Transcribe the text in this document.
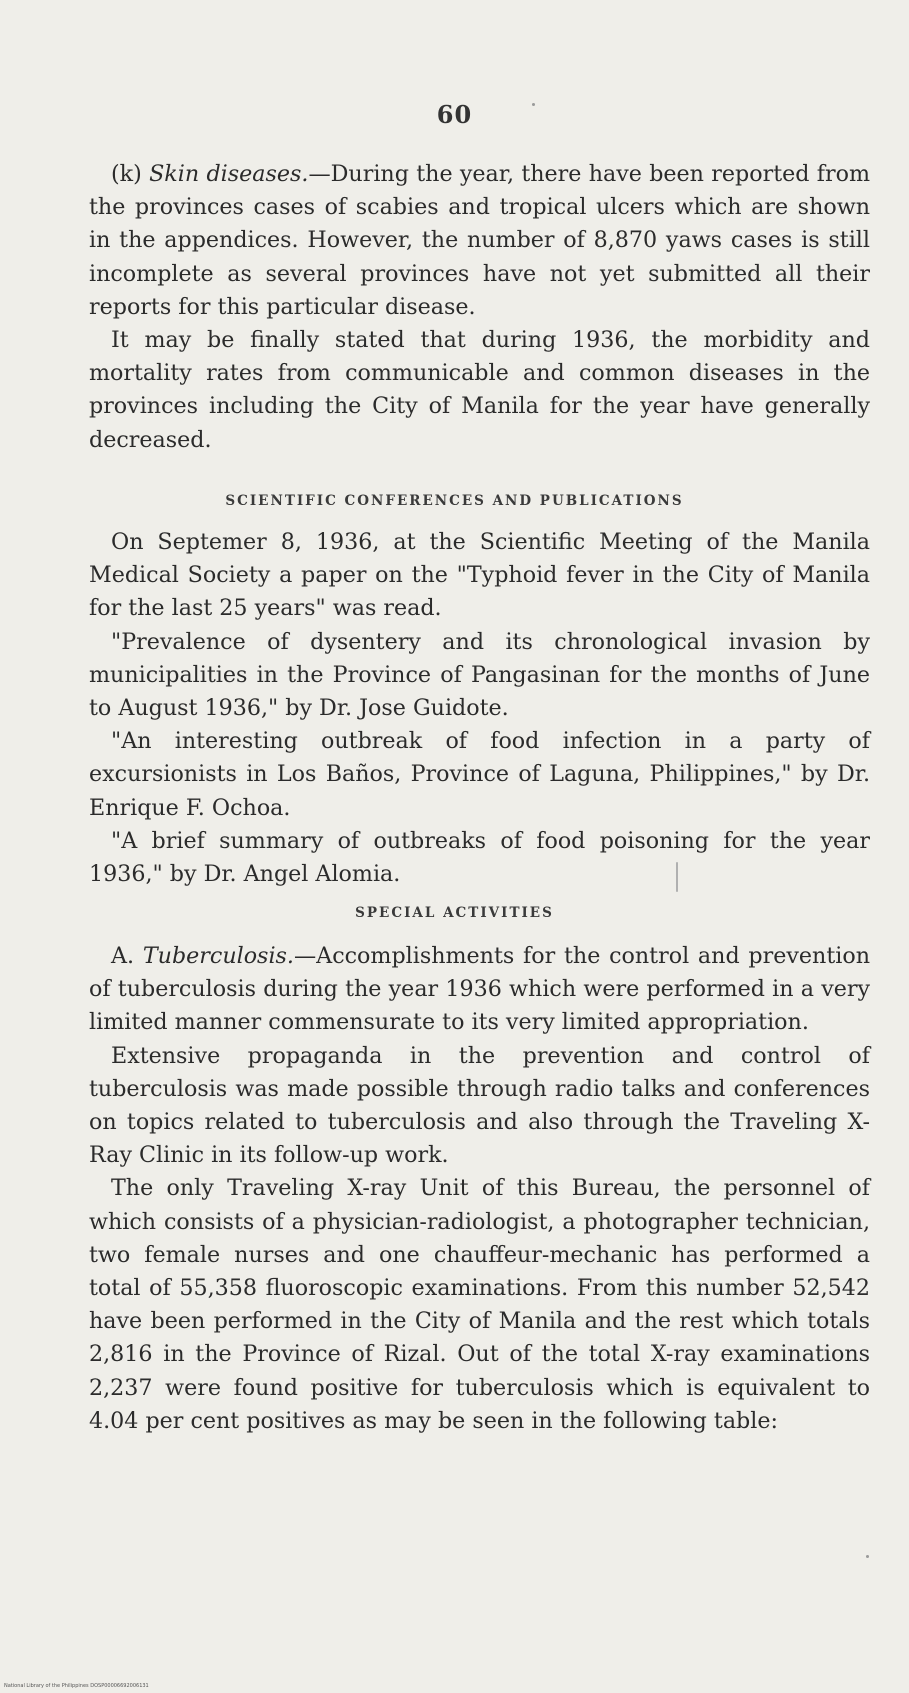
60

(k) Skin diseases.—During the year, there have been reported from the provinces cases of scabies and tropical ulcers which are shown in the appendices. However, the number of 8,870 yaws cases is still incomplete as several provinces have not yet submitted all their reports for this particular disease.

It may be finally stated that during 1936, the morbidity and mortality rates from communicable and common diseases in the provinces including the City of Manila for the year have generally decreased.

SCIENTIFIC CONFERENCES AND PUBLICATIONS

On Septemer 8, 1936, at the Scientific Meeting of the Manila Medical Society a paper on the "Typhoid fever in the City of Manila for the last 25 years" was read.

"Prevalence of dysentery and its chronological invasion by municipalities in the Province of Pangasinan for the months of June to August 1936," by Dr. Jose Guidote.

"An interesting outbreak of food infection in a party of excursionists in Los Baños, Province of Laguna, Philippines," by Dr. Enrique F. Ochoa.

"A brief summary of outbreaks of food poisoning for the year 1936," by Dr. Angel Alomia.

SPECIAL ACTIVITIES

A. Tuberculosis.—Accomplishments for the control and prevention of tuberculosis during the year 1936 which were performed in a very limited manner commensurate to its very limited appropriation.

Extensive propaganda in the prevention and control of tuberculosis was made possible through radio talks and conferences on topics related to tuberculosis and also through the Traveling X-Ray Clinic in its follow-up work.

The only Traveling X-ray Unit of this Bureau, the personnel of which consists of a physician-radiologist, a photographer technician, two female nurses and one chauffeur-mechanic has performed a total of 55,358 fluoroscopic examinations. From this number 52,542 have been performed in the City of Manila and the rest which totals 2,816 in the Province of Rizal. Out of the total X-ray examinations 2,237 were found positive for tuberculosis which is equivalent to 4.04 per cent positives as may be seen in the following table:

National Library of the Philippines DOSP00006692006131
